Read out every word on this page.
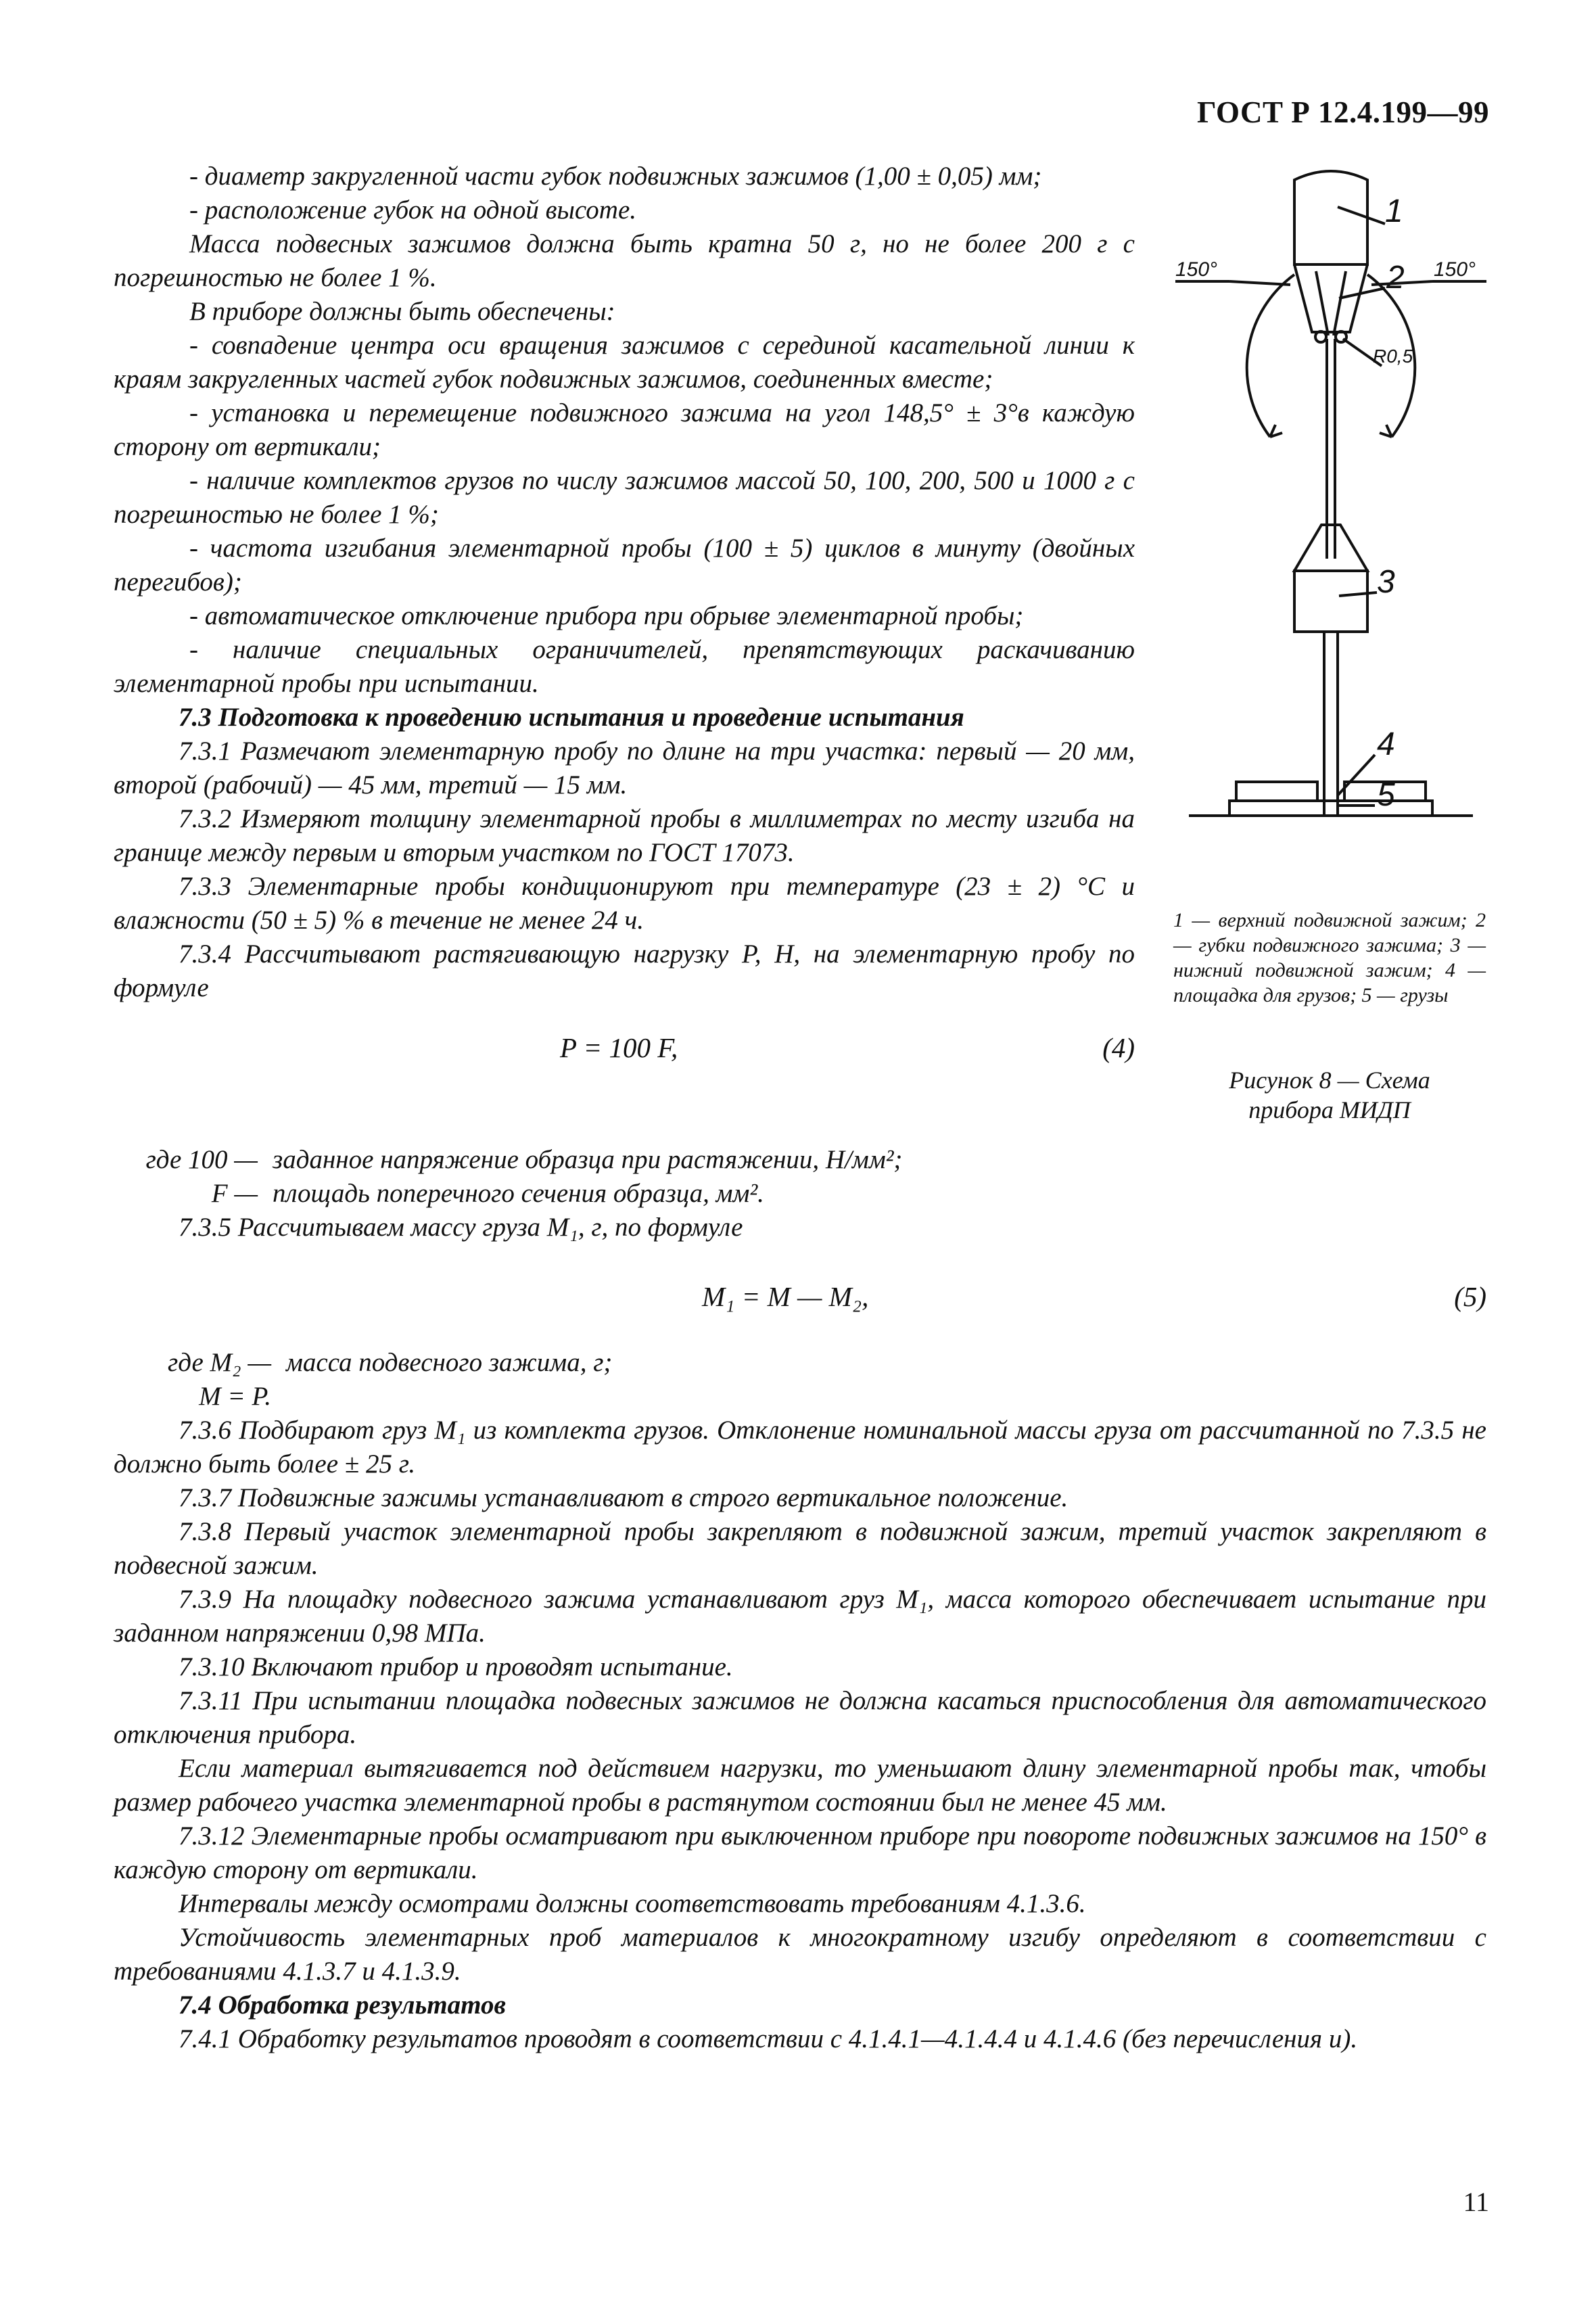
ГОСТ Р 12.4.199—99

- диаметр закругленной части губок подвижных зажимов (1,00 ± 0,05) мм;

- расположение губок на одной высоте.

Масса подвесных зажимов должна быть кратна 50 г, но не более 200 г с погрешностью не более 1 %.

В приборе должны быть обеспечены:

- совпадение центра оси вращения зажимов с серединой касательной линии к краям закругленных частей губок подвижных зажимов, соединенных вместе;

- установка и перемещение подвижного зажима на угол 148,5° ± 3°в каждую сторону от вертикали;

- наличие комплектов грузов по числу зажимов массой 50, 100, 200, 500 и 1000 г с погрешностью не более 1 %;

- частота изгибания элементарной пробы (100 ± 5) циклов в минуту (двойных перегибов);

- автоматическое отключение прибора при обрыве элементарной пробы;

- наличие специальных ограничителей, препятствующих раскачиванию элементарной пробы при испытании.

7.3 Подготовка к проведению испытания и проведение испытания

7.3.1 Размечают элементарную пробу по длине на три участка: первый — 20 мм, второй (рабочий) — 45 мм, третий — 15 мм.

7.3.2 Измеряют толщину элементарной пробы в миллиметрах по месту изгиба на границе между первым и вторым участком по ГОСТ 17073.

7.3.3 Элементарные пробы кондиционируют при температуре (23 ± 2) °С и влажности (50 ± 5) % в течение не менее 24 ч.

7.3.4 Рассчитывают растягивающую нагрузку P, Н, на элементарную пробу по формуле

P = 100 F,	(4)
1
2
3
4
5
150°	150°
R0,5
1 — верхний подвижной зажим; 2 — губки подвижного зажима; 3 — нижний подвижной зажим; 4 — площадка для грузов; 5 — грузы
Рисунок 8 — Схема
прибора МИДП
где 100 — заданное напряжение образца при растяжении, Н/мм²;
F — площадь поперечного сечения образца, мм².

7.3.5 Рассчитываем массу груза M₁, г, по формуле

M₁ = M — M₂,	(5)
где M₂ — масса подвесного зажима, г;
M = P.

7.3.6 Подбирают груз M₁ из комплекта грузов. Отклонение номинальной массы груза от рассчитанной по 7.3.5 не должно быть более ± 25 г.

7.3.7 Подвижные зажимы устанавливают в строго вертикальное положение.

7.3.8 Первый участок элементарной пробы закрепляют в подвижной зажим, третий участок закрепляют в подвесной зажим.

7.3.9 На площадку подвесного зажима устанавливают груз M₁, масса которого обеспечивает испытание при заданном напряжении 0,98 МПа.

7.3.10 Включают прибор и проводят испытание.

7.3.11 При испытании площадка подвесных зажимов не должна касаться приспособления для автоматического отключения прибора.

Если материал вытягивается под действием нагрузки, то уменьшают длину элементарной пробы так, чтобы размер рабочего участка элементарной пробы в растянутом состоянии был не менее 45 мм.

7.3.12 Элементарные пробы осматривают при выключенном приборе при повороте подвижных зажимов на 150° в каждую сторону от вертикали.

Интервалы между осмотрами должны соответствовать требованиям 4.1.3.6.

Устойчивость элементарных проб материалов к многократному изгибу определяют в соответствии с требованиями 4.1.3.7 и 4.1.3.9.

7.4 Обработка результатов

7.4.1 Обработку результатов проводят в соответствии с 4.1.4.1—4.1.4.4 и 4.1.4.6 (без перечисления и).

11
